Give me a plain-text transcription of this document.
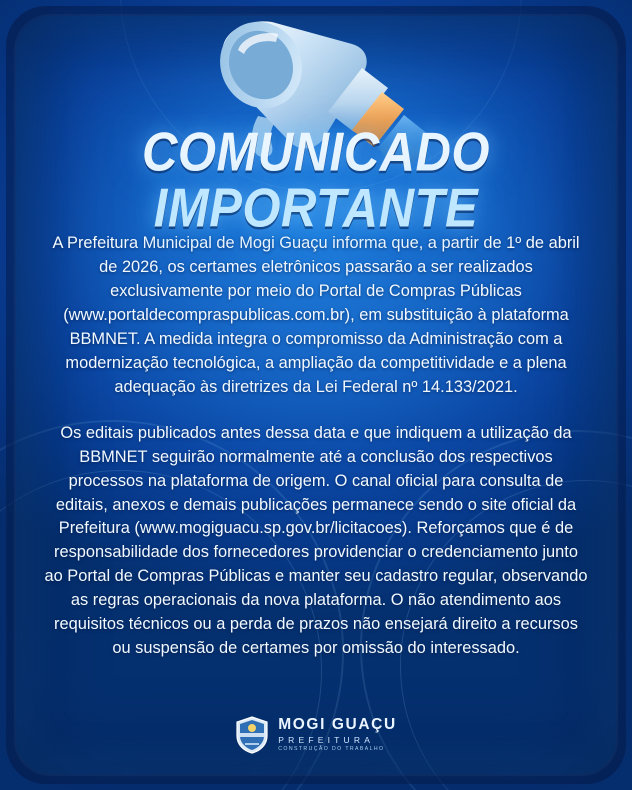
COMUNICADO
IMPORTANTE

A Prefeitura Municipal de Mogi Guaçu informa que, a partir de 1º de abril de 2026, os certames eletrônicos passarão a ser realizados exclusivamente por meio do Portal de Compras Públicas (www.portaldecompraspublicas.com.br), em substituição à plataforma BBMNET. A medida integra o compromisso da Administração com a modernização tecnológica, a ampliação da competitividade e a plena adequação às diretrizes da Lei Federal nº 14.133/2021.

Os editais publicados antes dessa data e que indiquem a utilização da BBMNET seguirão normalmente até a conclusão dos respectivos processos na plataforma de origem. O canal oficial para consulta de editais, anexos e demais publicações permanece sendo o site oficial da Prefeitura (www.mogiguacu.sp.gov.br/licitacoes). Reforçamos que é de responsabilidade dos fornecedores providenciar o credenciamento junto ao Portal de Compras Públicas e manter seu cadastro regular, observando as regras operacionais da nova plataforma. O não atendimento aos requisitos técnicos ou a perda de prazos não ensejará direito a recursos ou suspensão de certames por omissão do interessado.

MOGI GUAÇU
PREFEITURA
CONSTRUÇÃO DO TRABALHO
